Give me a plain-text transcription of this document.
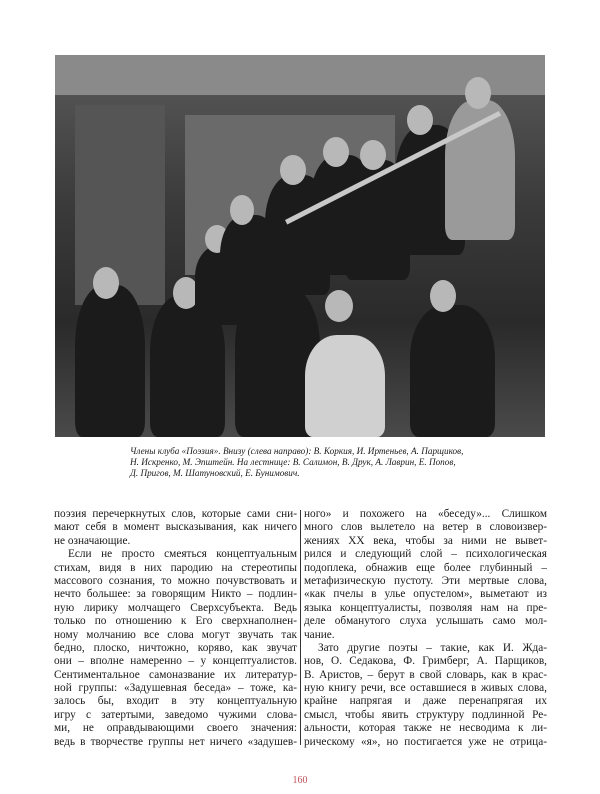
Члены клуба «Поэзия». Внизу (слева направо): В. Коркия, И. Иртеньев, А. Парщиков,
Н. Искренко, М. Эпштейн. На лестнице: В. Салимон, В. Друк, А. Лаврин, Е. Попов,
Д. Пригов, М. Шатуновский, Е. Бунимович.
поэзия перечеркнутых слов, которые сами сни-
мают себя в момент высказывания, как ничего
не означающие.
Если не просто смеяться концептуальным
стихам, видя в них пародию на стереотипы
массового сознания, то можно почувствовать и
нечто большее: за говорящим Никто – подлин-
ную лирику молчащего Сверхсубъекта. Ведь
только по отношению к Его сверхнаполнен-
ному молчанию все слова могут звучать так
бедно, плоско, ничтожно, коряво, как звучат
они – вполне намеренно – у концептуалистов.
Сентиментальное самоназвание их литератур-
ной группы: «Задушевная беседа» – тоже, ка-
залось бы, входит в эту концептуальную
игру с затертыми, заведомо чужими слова-
ми, не оправдывающими своего значения:
ведь в творчестве группы нет ничего «задушев-
ного» и похожего на «беседу»... Слишком
много слов вылетело на ветер в словоизвер-
жениях XX века, чтобы за ними не вывет-
рился и следующий слой – психологическая
подоплека, обнажив еще более глубинный –
метафизическую пустоту. Эти мертвые слова,
«как пчелы в улье опустелом», выметают из
языка концептуалисты, позволяя нам на пре-
деле обманутого слуха услышать само мол-
чание.
Зато другие поэты – такие, как И. Жда-
нов, О. Седакова, Ф. Гримберг, А. Парщиков,
В. Аристов, – берут в свой словарь, как в крас-
ную книгу речи, все оставшиеся в живых слова,
крайне напрягая и даже перенапрягая их
смысл, чтобы явить структуру подлинной Ре-
альности, которая также не несводима к ли-
рическому «я», но постигается уже не отрица-
160
